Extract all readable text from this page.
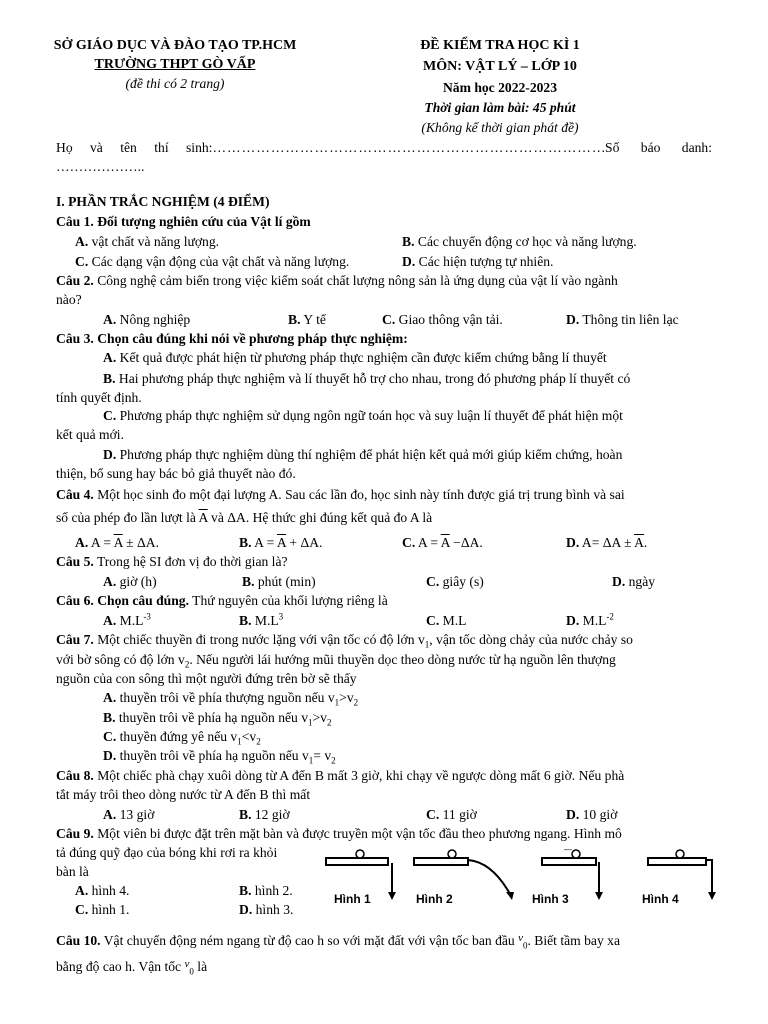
SỞ GIÁO DỤC VÀ ĐÀO TẠO TP.HCM
TRƯỜNG THPT GÒ VẤP
(đề thi có 2 trang)
ĐỀ KIỂM TRA HỌC KÌ 1
MÔN: VẬT LÝ – LỚP 10
Năm học 2022-2023
Thời gian làm bài: 45 phút
(Không kể thời gian phát đề)
Họ và tên thí sinh:………………………………………………………………………
Số báo danh:
………………..
I. PHẦN TRẮC NGHIỆM (4 ĐIỂM)
Câu 1. Đối tượng nghiên cứu của Vật lí gồm
A. vật chất và năng lượng.	B. Các chuyển động cơ học và năng lượng.
C. Các dạng vận động của vật chất và năng lượng.	D. Các hiện tượng tự nhiên.
Câu 2. Công nghệ cảm biến trong việc kiểm soát chất lượng nông sản là ứng dụng của vật lí vào ngành
nào?
A. Nông nghiệp	B. Y tế	C. Giao thông vận tải.	D. Thông tin liên lạc
Câu 3. Chọn câu đúng khi nói về phương pháp thực nghiệm:
A. Kết quả được phát hiện từ phương pháp thực nghiệm cần được kiểm chứng bằng lí thuyết
B. Hai phương pháp thực nghiệm và lí thuyết hỗ trợ cho nhau, trong đó phương pháp lí thuyết có
tính quyết định.
C. Phương pháp thực nghiệm sử dụng ngôn ngữ toán học và suy luận lí thuyết để phát hiện một
kết quả mới.
D. Phương pháp thực nghiệm dùng thí nghiệm để phát hiện kết quả mới giúp kiểm chứng, hoàn
thiện, bổ sung hay bác bỏ giả thuyết nào đó.
Câu 4. Một học sinh đo một đại lượng A. Sau các lần đo, học sinh này tính được giá trị trung bình và sai
số của phép đo lần lượt là $\overline{A}$ và ΔA. Hệ thức ghi đúng kết quả đo A là
A. $A = \overline{A} \pm \Delta A$.	B. $A = \overline{A} + \Delta A$.	C. $A = \overline{A} -\Delta A$.	D. $A= \Delta A \pm \overline{A}$.
Câu 5. Trong hệ SI đơn vị đo thời gian là?
A. giờ (h)	B. phút (min)	C. giây (s)	D. ngày
Câu 6. Chọn câu đúng. Thứ nguyên của khối lượng riêng là
A. $M.L^{-3}$	B. $M.L^3$	C. M.L	D. $M.L^{-2}$
Câu 7. Một chiếc thuyền đi trong nước lặng với vận tốc có độ lớn $v_1$, vận tốc dòng chảy của nước chảy so
với bờ sông có độ lớn $v_2$. Nếu người lái hướng mũi thuyền dọc theo dòng nước từ hạ nguồn lên thượng
nguồn của con sông thì một người đứng trên bờ sẽ thấy
A. thuyền trôi về phía thượng nguồn nếu $v_1>v_2$
B. thuyền trôi về phía hạ nguồn nếu $v_1>v_2$
C. thuyền đứng yê nếu $v_1<v_2$
D. thuyền trôi về phía hạ nguồn nếu $v_1= v_2$
Câu 8. Một chiếc phà chạy xuôi dòng từ A đến B mất 3 giờ, khi chạy về ngược dòng mất 6 giờ. Nếu phà
tắt máy trôi theo dòng nước từ A đến B thì mất
A. 13 giờ	B. 12 giờ	C. 11 giờ	D. 10 giờ
Câu 9. Một viên bi được đặt trên mặt bàn và được truyền một vận tốc đầu theo phương ngang. Hình mô
tả đúng quỹ đạo của bóng khi rơi ra khỏi
bàn là
A. hình 4.	B. hình 2.
C. hình 1.	D. hình 3.
Hình 1	Hình 2
—
Hình 3	Hình 4
Câu 10. Vật chuyển động ném ngang từ độ cao h so với mặt đất với vận tốc ban đầu $^v_0$. Biết tầm bay xa
bằng độ cao h. Vận tốc $^v_0$ là
